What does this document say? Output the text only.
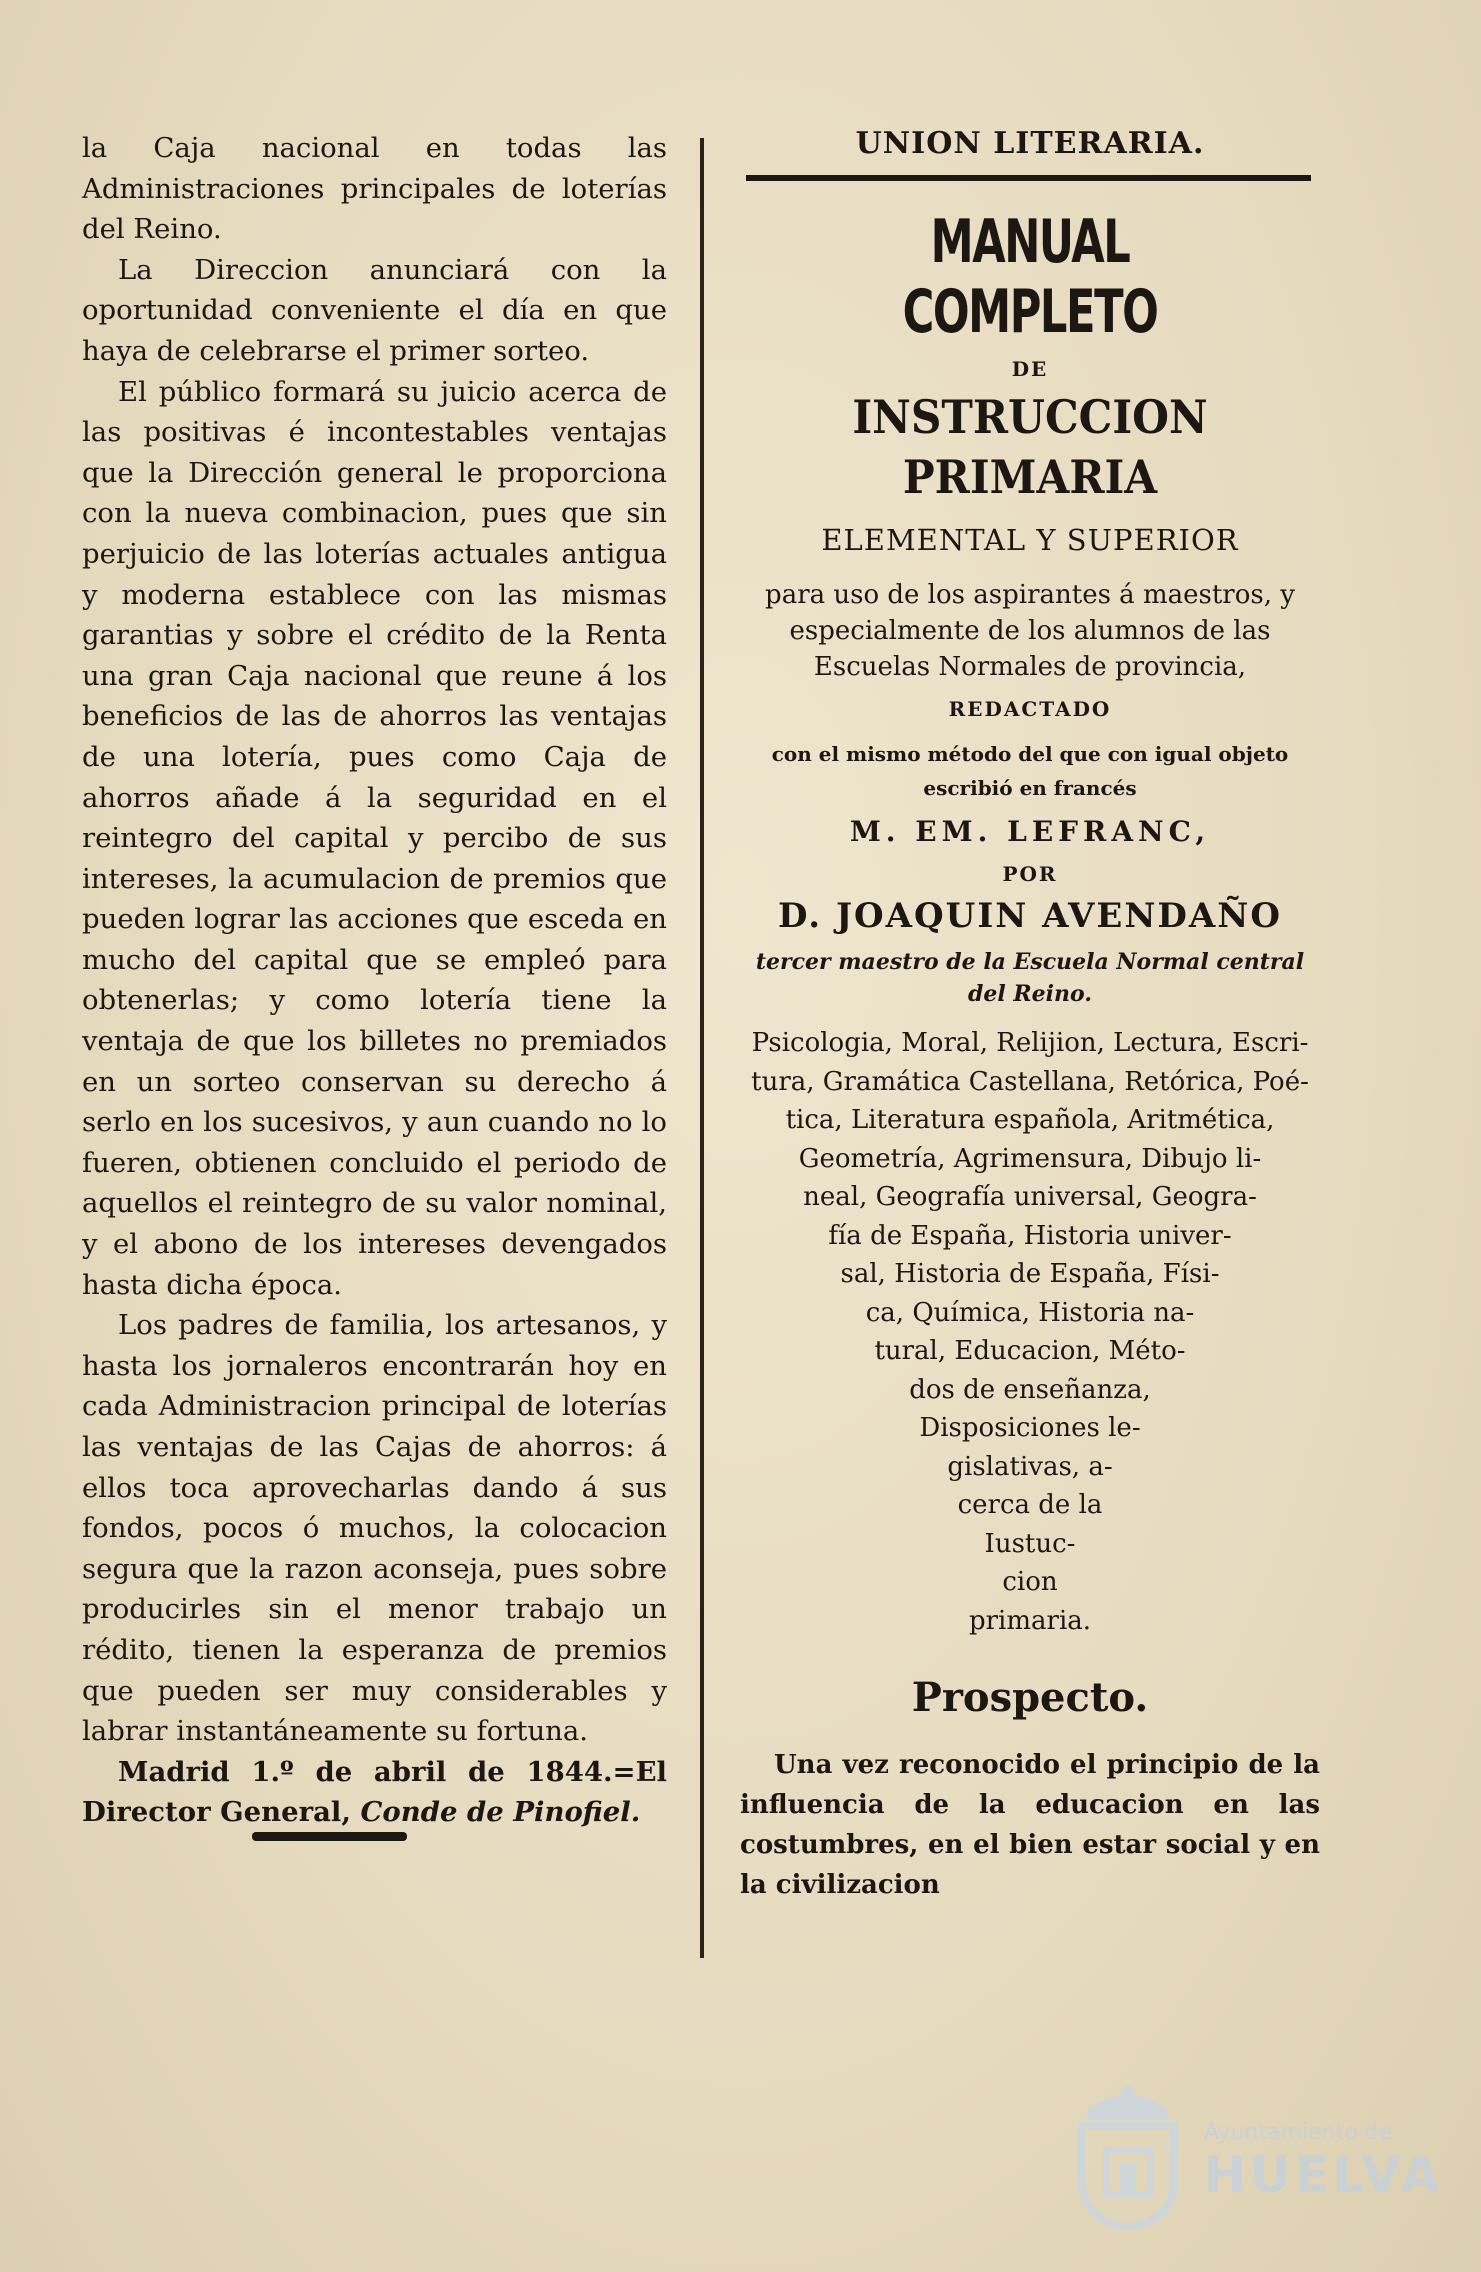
la Caja nacional en todas las Administraciones principales de loterías del Reino.

La Direccion anunciará con la oportunidad conveniente el día en que haya de celebrarse el primer sorteo.

El público formará su juicio acerca de las positivas é incontestables ventajas que la Dirección general le proporciona con la nueva combinacion, pues que sin perjuicio de las loterías actuales antigua y moderna establece con las mismas garantias y sobre el crédito de la Renta una gran Caja nacional que reune á los beneficios de las de ahorros las ventajas de una lotería, pues como Caja de ahorros añade á la seguridad en el reintegro del capital y percibo de sus intereses, la acumulacion de premios que pueden lograr las acciones que esceda en mucho del capital que se empleó para obtenerlas; y como lotería tiene la ventaja de que los billetes no premiados en un sorteo conservan su derecho á serlo en los sucesivos, y aun cuando no lo fueren, obtienen concluido el periodo de aquellos el reintegro de su valor nominal, y el abono de los intereses devengados hasta dicha época.

Los padres de familia, los artesanos, y hasta los jornaleros encontrarán hoy en cada Administracion principal de loterías las ventajas de las Cajas de ahorros: á ellos toca aprovecharlas dando á sus fondos, pocos ó muchos, la colocacion segura que la razon aconseja, pues sobre producirles sin el menor trabajo un rédito, tienen la esperanza de premios que pueden ser muy considerables y labrar instantáneamente su fortuna.

Madrid 1.º de abril de 1844.=El Director General, Conde de Pinofiel.

UNION LITERARIA.

MANUAL COMPLETO

DE

INSTRUCCION PRIMARIA

ELEMENTAL Y SUPERIOR

para uso de los aspirantes á maestros, y especialmente de los alumnos de las Escuelas Normales de provincia,

REDACTADO

con el mismo método del que con igual objeto escribió en francés

M. EM. LEFRANC,

POR

D. JOAQUIN AVENDAÑO

tercer maestro de la Escuela Normal central del Reino.

Psicologia, Moral, Relijion, Lectura, Escri-
tura, Gramática Castellana, Retórica, Poé-
tica, Literatura española, Aritmética,
Geometría, Agrimensura, Dibujo li-
neal, Geografía universal, Geogra-
fía de España, Historia univer-
sal, Historia de España, Físi-
ca, Química, Historia na-
tural, Educacion, Méto-
dos de enseñanza,
Disposiciones le-
gislativas, a-
cerca de la
Iustuc-
cion
primaria.

Prospecto.

Una vez reconocido el principio de la influencia de la educacion en las costumbres, en el bien estar social y en la civilizacion

Ayuntamiento de
HUELVA
